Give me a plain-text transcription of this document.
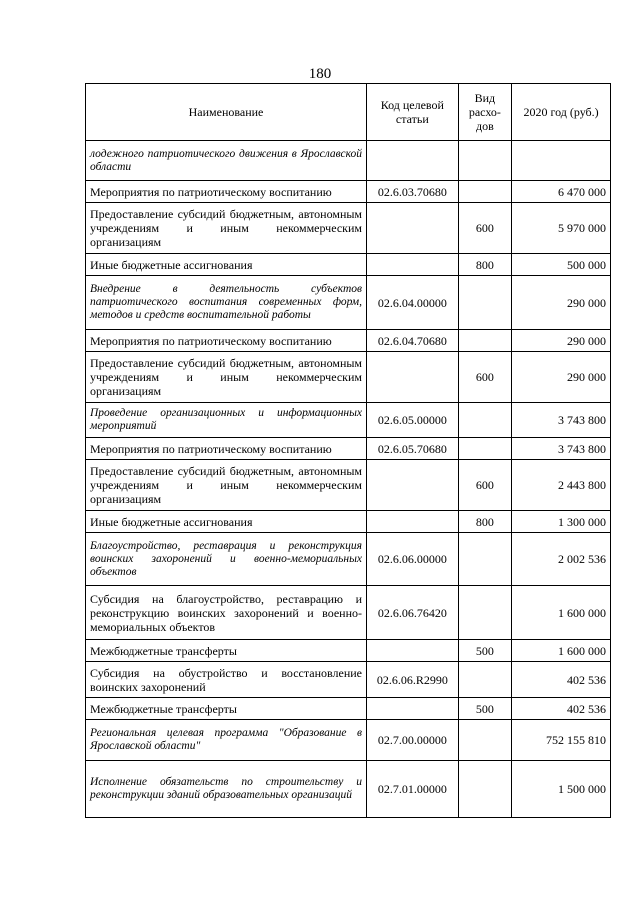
180
Наименование	Код целевой статьи	Вид расхо-дов	2020 год (руб.)
лодежного патриотического движения в Ярославской области			
Мероприятия по патриотическому воспитанию	02.6.03.70680		6 470 000
Предоставление субсидий бюджетным, автономным учреждениям и иным некоммерческим организациям		600	5 970 000
Иные бюджетные ассигнования		800	500 000
Внедрение в деятельность субъектов патриотического воспитания современных форм, методов и средств воспитательной работы	02.6.04.00000		290 000
Мероприятия по патриотическому воспитанию	02.6.04.70680		290 000
Предоставление субсидий бюджетным, автономным учреждениям и иным некоммерческим организациям		600	290 000
Проведение организационных и информационных мероприятий	02.6.05.00000		3 743 800
Мероприятия по патриотическому воспитанию	02.6.05.70680		3 743 800
Предоставление субсидий бюджетным, автономным учреждениям и иным некоммерческим организациям		600	2 443 800
Иные бюджетные ассигнования		800	1 300 000
Благоустройство, реставрация и реконструкция воинских захоронений и военно-мемориальных объектов	02.6.06.00000		2 002 536
Субсидия на благоустройство, реставрацию и реконструкцию воинских захоронений и военно-мемориальных объектов	02.6.06.76420		1 600 000
Межбюджетные трансферты		500	1 600 000
Субсидия на обустройство и восстановление воинских захоронений	02.6.06.R2990		402 536
Межбюджетные трансферты		500	402 536
Региональная целевая программа "Образование в Ярославской области"	02.7.00.00000		752 155 810
Исполнение обязательств по строительству и реконструкции зданий образовательных организаций	02.7.01.00000		1 500 000
